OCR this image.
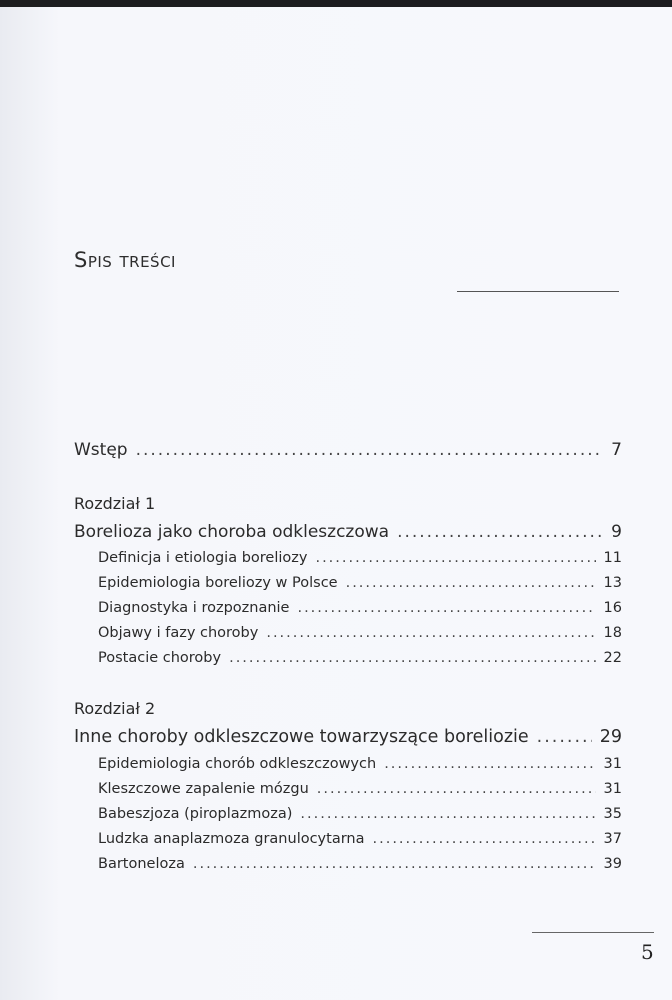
Spis treści
Wstęp .....	7
Rozdział 1
Borelioza jako choroba odkleszczowa .....	9
Definicja i etiologia boreliozy .....	11
Epidemiologia boreliozy w Polsce .....	13
Diagnostyka i rozpoznanie .....	16
Objawy i fazy choroby .....	18
Postacie choroby .....	22
Rozdział 2
Inne choroby odkleszczowe towarzyszące boreliozie .....	29
Epidemiologia chorób odkleszczowych .....	31
Kleszczowe zapalenie mózgu .....	31
Babeszjoza (piroplazmoza) .....	35
Ludzka anaplazmoza granulocytarna .....	37
Bartoneloza .....	39
5
